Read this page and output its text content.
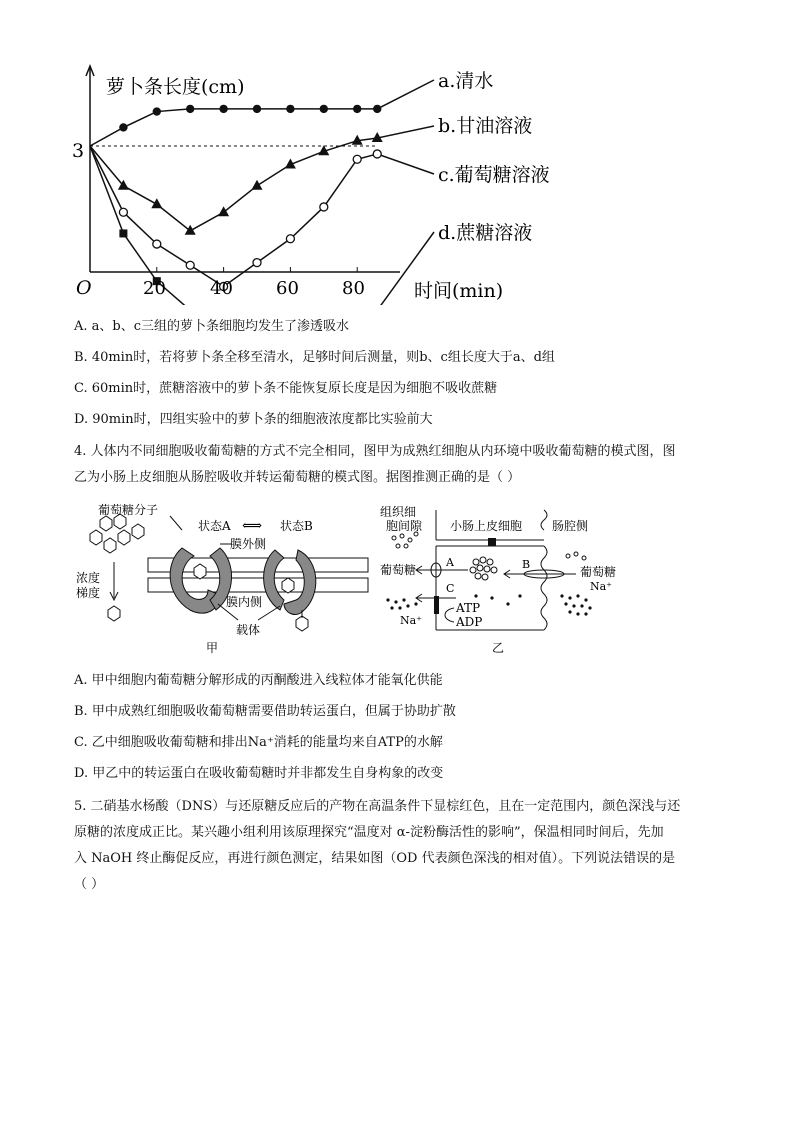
萝卜条长度(cm)
时间(min)
O
3
20 40 60 80
a.清水
b.甘油溶液
c.葡萄糖溶液
d.蔗糖溶液
A. a、b、c三组的萝卜条细胞均发生了渗透吸水
B. 40min时，若将萝卜条全移至清水，足够时间后测量，则b、c组长度大于a、d组
C. 60min时，蔗糖溶液中的萝卜条不能恢复原长度是因为细胞不吸收蔗糖
D. 90min时，四组实验中的萝卜条的细胞液浓度都比实验前大
4. 人体内不同细胞吸收葡萄糖的方式不完全相同，图甲为成熟红细胞从内环境中吸收葡萄糖的模式图，图
乙为小肠上皮细胞从肠腔吸收并转运葡萄糖的模式图。据图推测正确的是（ ）
葡萄糖分子
状态A ⟺ 状态B
浓度
梯度
膜外侧
膜内侧
载体
甲
组织细
胞间隙 小肠上皮细胞 肠腔侧
A
葡萄糖	B
葡萄糖
Na⁺
C
ATP
ADP
Na⁺
乙
A. 甲中细胞内葡萄糖分解形成的丙酮酸进入线粒体才能氧化供能
B. 甲中成熟红细胞吸收葡萄糖需要借助转运蛋白，但属于协助扩散
C. 乙中细胞吸收葡萄糖和排出Na⁺消耗的能量均来自ATP的水解
D. 甲乙中的转运蛋白在吸收葡萄糖时并非都发生自身构象的改变
5. 二硝基水杨酸（DNS）与还原糖反应后的产物在高温条件下显棕红色，且在一定范围内，颜色深浅与还
原糖的浓度成正比。某兴趣小组利用该原理探究“温度对 α-淀粉酶活性的影响”，保温相同时间后，先加
入 NaOH 终止酶促反应，再进行颜色测定，结果如图（OD 代表颜色深浅的相对值）。下列说法错误的是
（ ）
